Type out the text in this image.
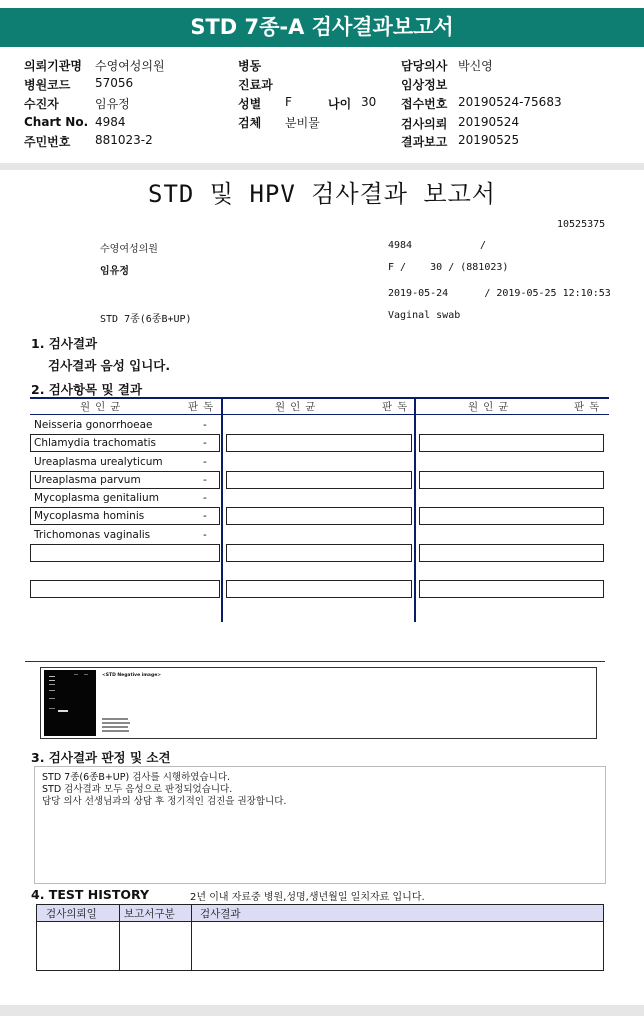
STD 7종-A 검사결과보고서
의뢰기관명 수영여성의원	병동	담당의사 박신영
병원코드 57056	진료과	임상정보
수진자	임유정	성별 F	나이 30 접수번호 20190524-75683
Chart No. 4984	검체 분비물	검사의뢰 20190524
주민번호 881023-2	결과보고 20190525
STD 및 HPV 검사결과 보고서
10525375
수영여성의원	4984	/
임유정	F /    30 / (881023)
2019-05-24      / 2019-05-25 12:10:53
STD 7종(6종B+UP)	Vaginal swab
1. 검사결과
검사결과 음성 입니다.
2. 검사항목 및 결과
원인균	판독	원인균	판독	원인균	판독
Neisseria gonorrhoeae	-
Chlamydia trachomatis	-
Ureaplasma urealyticum	-
Ureaplasma parvum	-
Mycoplasma genitalium	-
Mycoplasma hominis	-
Trichomonas vaginalis	-
<STD Negative image>
3. 검사결과 판정 및 소견
STD 7종(6종B+UP) 검사를 시행하였습니다.
STD 검사결과 모두 음성으로 판정되었습니다.
담당 의사 선생님과의 상담 후 정기적인 검진을 권장합니다.
4. TEST HISTORY	2년 이내 자료중 병원,성명,생년월일 일치자료 입니다.
검사의뢰일	보고서구분 검사결과
